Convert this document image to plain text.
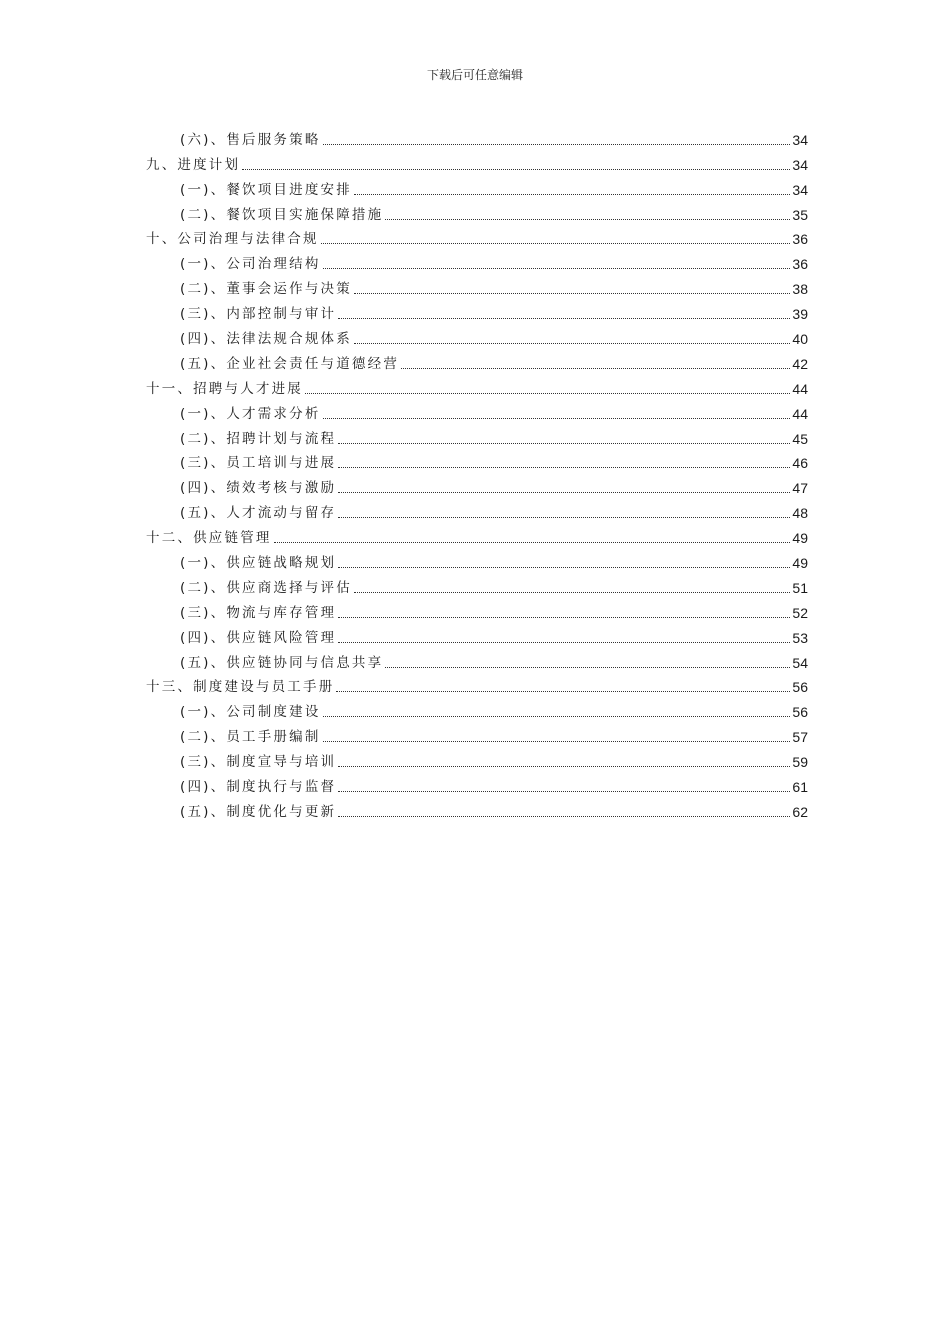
下载后可任意编辑
(六)、售后服务策略	34
九、进度计划	34
(一)、餐饮项目进度安排	34
(二)、餐饮项目实施保障措施	35
十、公司治理与法律合规	36
(一)、公司治理结构	36
(二)、董事会运作与决策	38
(三)、内部控制与审计	39
(四)、法律法规合规体系	40
(五)、企业社会责任与道德经营	42
十一、招聘与人才进展	44
(一)、人才需求分析	44
(二)、招聘计划与流程	45
(三)、员工培训与进展	46
(四)、绩效考核与激励	47
(五)、人才流动与留存	48
十二、供应链管理	49
(一)、供应链战略规划	49
(二)、供应商选择与评估	51
(三)、物流与库存管理	52
(四)、供应链风险管理	53
(五)、供应链协同与信息共享	54
十三、制度建设与员工手册	56
(一)、公司制度建设	56
(二)、员工手册编制	57
(三)、制度宣导与培训	59
(四)、制度执行与监督	61
(五)、制度优化与更新	62
